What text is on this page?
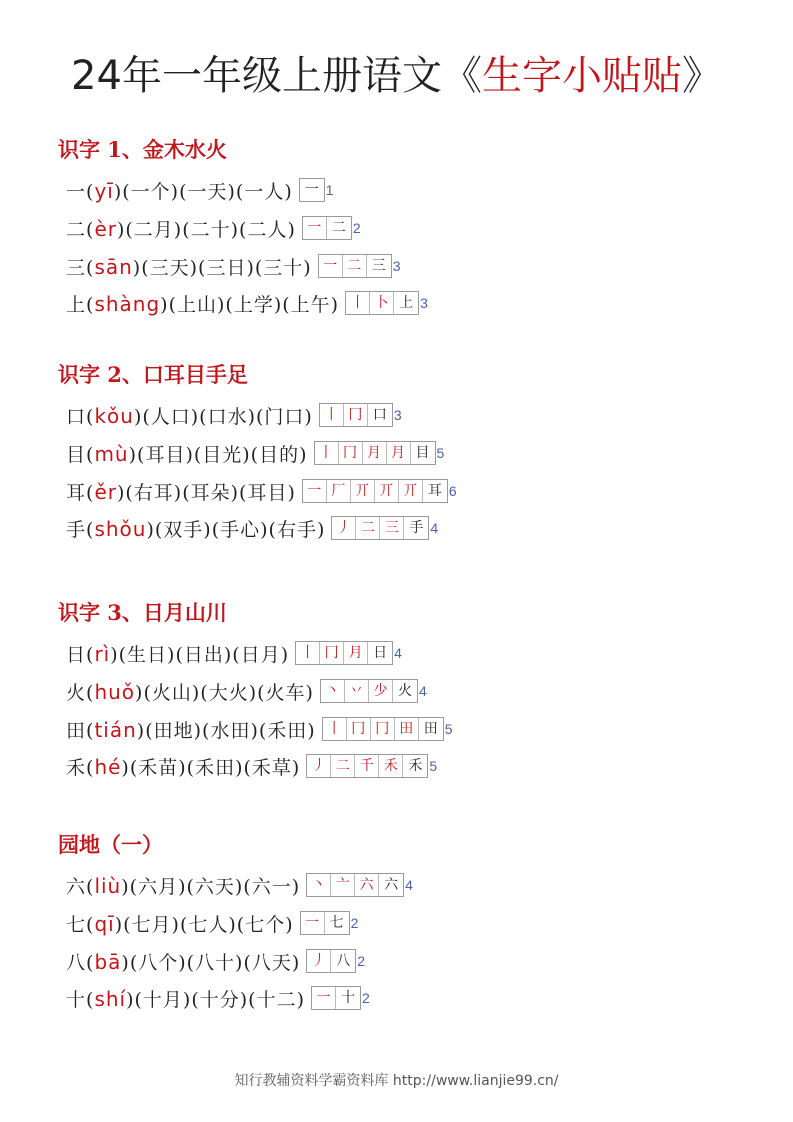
24年一年级上册语文《生字小贴贴》
识字 1、金木水火
一(yī)(一个)(一天)(一人) 一 1
二(èr)(二月)(二十)(二人) 一 二 2
三(sān)(三天)(三日)(三十) 一 二 三 3
上(shàng)(上山)(上学)(上午) 丨 卜 上 3
识字 2、口耳目手足
口(kǒu)(人口)(口水)(门口) 丨 冂 口 3
目(mù)(耳目)(目光)(目的) 丨 冂 月 月 目 5
耳(ěr)(右耳)(耳朵)(耳目) 一 厂 丌 丌 丌 耳 6
手(shǒu)(双手)(手心)(右手) 丿 二 三 手 4
识字 3、日月山川
日(rì)(生日)(日出)(日月) 丨 冂 月 日 4
火(huǒ)(火山)(大火)(火车) 丶 丷 少 火 4
田(tián)(田地)(水田)(禾田) 丨 冂 冂 田 田 5
禾(hé)(禾苗)(禾田)(禾草) 丿 二 千 禾 禾 5
园地（一）
六(liù)(六月)(六天)(六一) 丶 亠 六 六 4
七(qī)(七月)(七人)(七个) 一 七 2
八(bā)(八个)(八十)(八天) 丿 八 2
十(shí)(十月)(十分)(十二) 一 十 2
知行教辅资料学霸资料库 http://www.lianjie99.cn/
